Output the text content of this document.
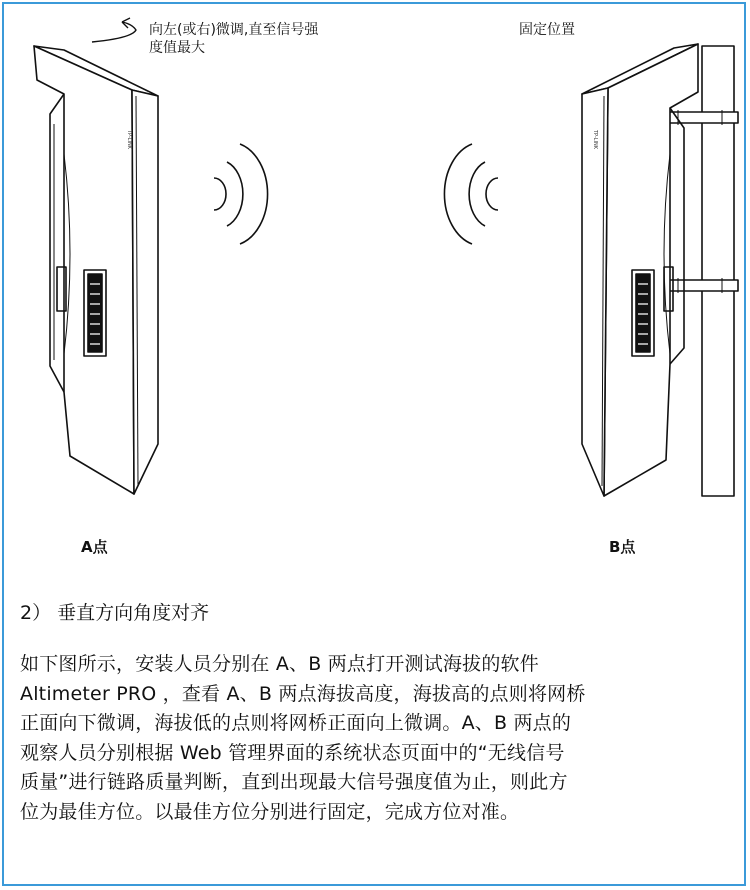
TP-LINK	TP-LINK
向左(或右)微调,直至信号强
度值最大
固定位置
A点	B点
2） 垂直方向角度对齐
如下图所示，安装人员分别在 A、B 两点打开测试海拔的软件
Altimeter PRO ，查看 A、B 两点海拔高度，海拔高的点则将网桥
正面向下微调，海拔低的点则将网桥正面向上微调。A、B 两点的
观察人员分别根据 Web 管理界面的系统状态页面中的“无线信号
质量”进行链路质量判断，直到出现最大信号强度值为止，则此方
位为最佳方位。以最佳方位分别进行固定，完成方位对准。
